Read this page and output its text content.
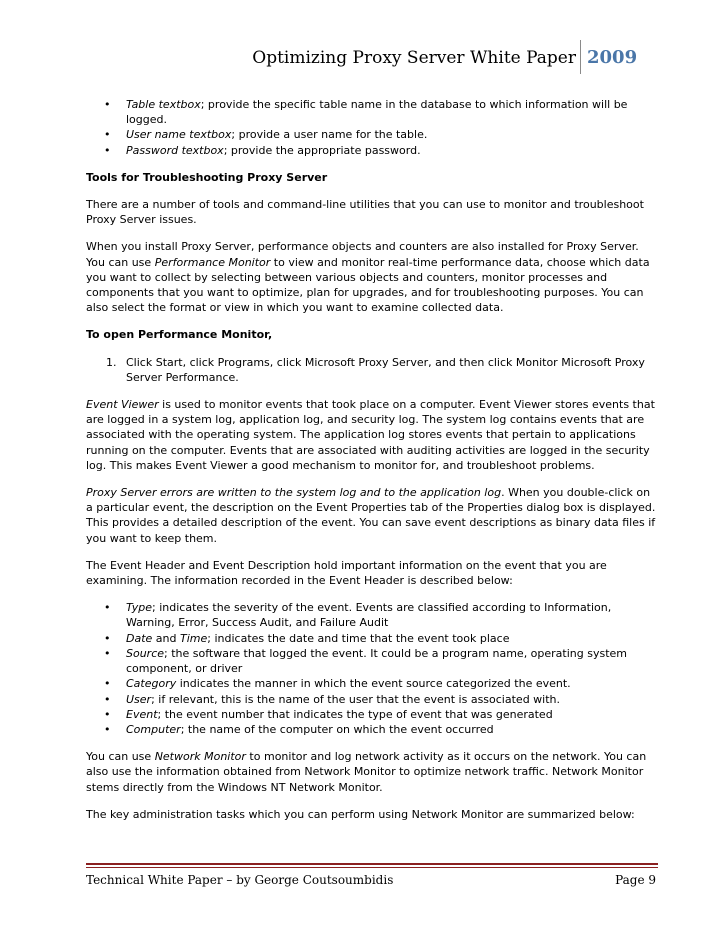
Optimizing Proxy Server White Paper 2009
• Table textbox; provide the specific table name in the database to which information will be logged.
• User name textbox; provide a user name for the table.
• Password textbox; provide the appropriate password.

Tools for Troubleshooting Proxy Server

There are a number of tools and command-line utilities that you can use to monitor and troubleshoot Proxy Server issues.

When you install Proxy Server, performance objects and counters are also installed for Proxy Server. You can use Performance Monitor to view and monitor real-time performance data, choose which data you want to collect by selecting between various objects and counters, monitor processes and components that you want to optimize, plan for upgrades, and for troubleshooting purposes. You can also select the format or view in which you want to examine collected data.

To open Performance Monitor,

1. Click Start, click Programs, click Microsoft Proxy Server, and then click Monitor Microsoft Proxy Server Performance.

Event Viewer is used to monitor events that took place on a computer. Event Viewer stores events that are logged in a system log, application log, and security log. The system log contains events that are associated with the operating system. The application log stores events that pertain to applications running on the computer. Events that are associated with auditing activities are logged in the security log. This makes Event Viewer a good mechanism to monitor for, and troubleshoot problems.

Proxy Server errors are written to the system log and to the application log. When you double-click on a particular event, the description on the Event Properties tab of the Properties dialog box is displayed. This provides a detailed description of the event. You can save event descriptions as binary data files if you want to keep them.

The Event Header and Event Description hold important information on the event that you are examining. The information recorded in the Event Header is described below:

• Type; indicates the severity of the event. Events are classified according to Information, Warning, Error, Success Audit, and Failure Audit
• Date and Time; indicates the date and time that the event took place
• Source; the software that logged the event. It could be a program name, operating system component, or driver
• Category indicates the manner in which the event source categorized the event.
• User; if relevant, this is the name of the user that the event is associated with.
• Event; the event number that indicates the type of event that was generated
• Computer; the name of the computer on which the event occurred

You can use Network Monitor to monitor and log network activity as it occurs on the network. You can also use the information obtained from Network Monitor to optimize network traffic. Network Monitor stems directly from the Windows NT Network Monitor.

The key administration tasks which you can perform using Network Monitor are summarized below:

Technical White Paper – by George Coutsoumbidis	Page 9
